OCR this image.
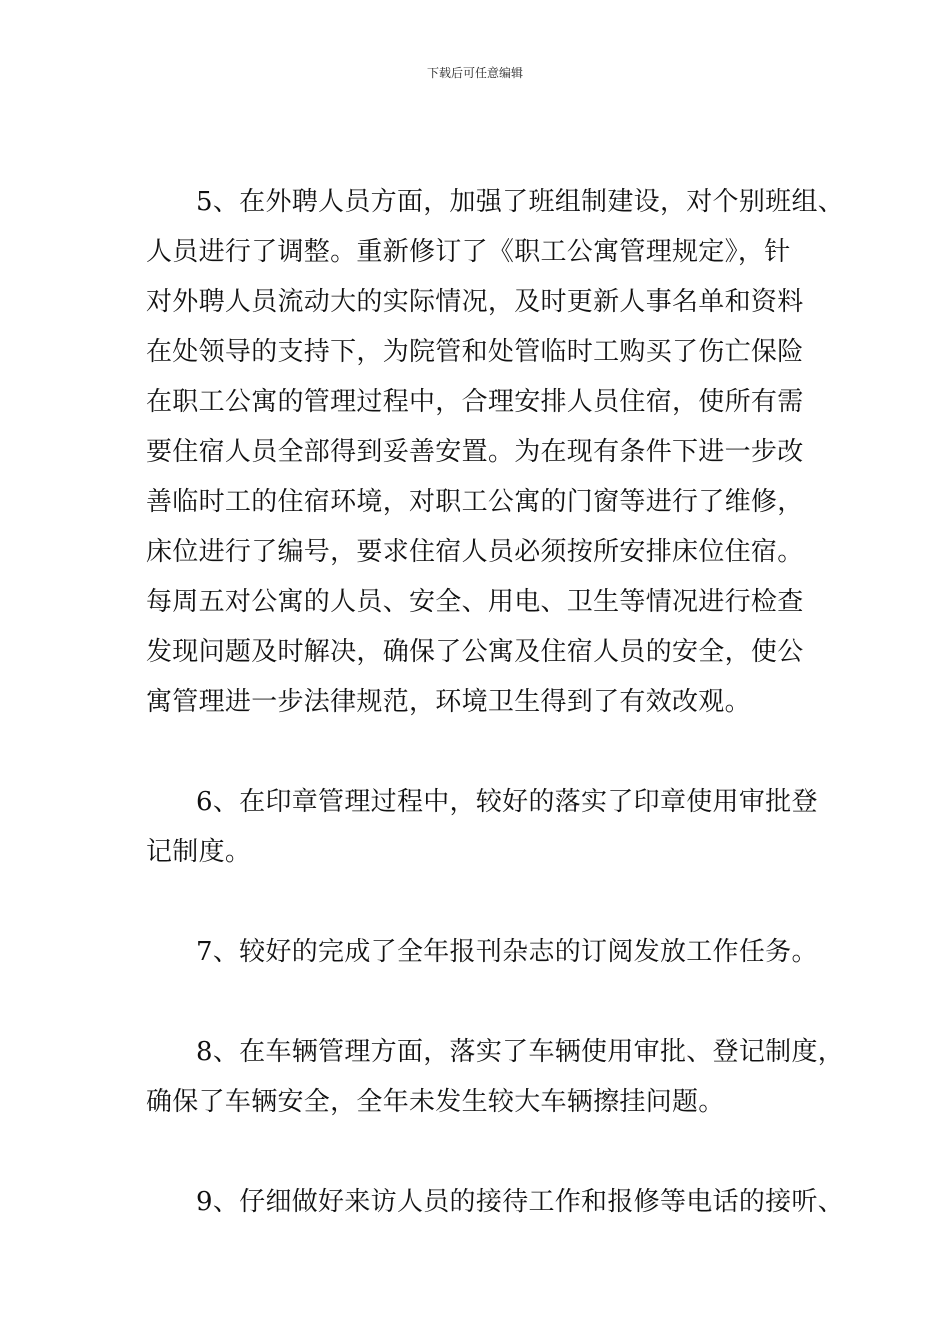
下载后可任意编辑
5、在外聘人员方面，加强了班组制建设，对个别班组、
人员进行了调整。重新修订了《职工公寓管理规定》，针
对外聘人员流动大的实际情况，及时更新人事名单和资料
在处领导的支持下，为院管和处管临时工购买了伤亡保险
在职工公寓的管理过程中，合理安排人员住宿，使所有需
要住宿人员全部得到妥善安置。为在现有条件下进一步改
善临时工的住宿环境，对职工公寓的门窗等进行了维修，
床位进行了编号，要求住宿人员必须按所安排床位住宿。
每周五对公寓的人员、安全、用电、卫生等情况进行检查
发现问题及时解决，确保了公寓及住宿人员的安全，使公
寓管理进一步法律规范，环境卫生得到了有效改观。
6、在印章管理过程中，较好的落实了印章使用审批登
记制度。
7、较好的完成了全年报刊杂志的订阅发放工作任务。
8、在车辆管理方面，落实了车辆使用审批、登记制度，
确保了车辆安全，全年未发生较大车辆擦挂问题。
9、仔细做好来访人员的接待工作和报修等电话的接听、
